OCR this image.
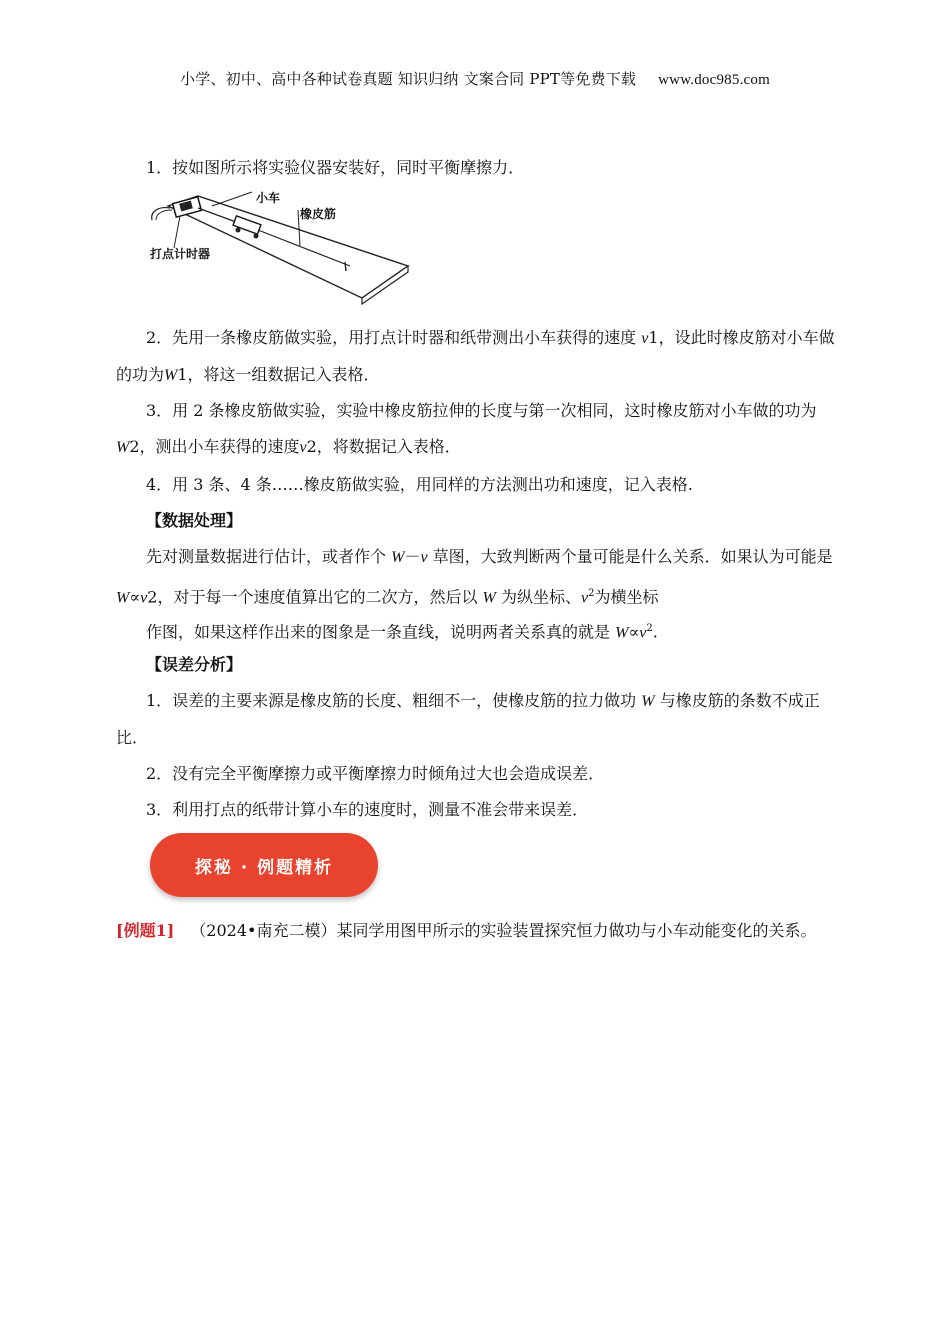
小学、初中、高中各种试卷真题 知识归纳 文案合同 PPT等免费下载 www.doc985.com

1．按如图所示将实验仪器安装好，同时平衡摩擦力．

小车
橡皮筋
打点计时器

2．先用一条橡皮筋做实验，用打点计时器和纸带测出小车获得的速度 v1，设此时橡皮筋对小车做的功为W1，将这一组数据记入表格．

3．用 2 条橡皮筋做实验，实验中橡皮筋拉伸的长度与第一次相同，这时橡皮筋对小车做的功为W2，测出小车获得的速度v2，将数据记入表格．

4．用 3 条、4 条……橡皮筋做实验，用同样的方法测出功和速度，记入表格.

【数据处理】

先对测量数据进行估计，或者作个 W－v 草图，大致判断两个量可能是什么关系．如果认为可能是W∝v2，对于每一个速度值算出它的二次方，然后以 W 为纵坐标、$v^2$为横坐标

作图，如果这样作出来的图象是一条直线，说明两者关系真的就是 $W\propto v^2$.

【误差分析】

1．误差的主要来源是橡皮筋的长度、粗细不一，使橡皮筋的拉力做功 W 与橡皮筋的条数不成正比．

2．没有完全平衡摩擦力或平衡摩擦力时倾角过大也会造成误差．

3．利用打点的纸带计算小车的速度时，测量不准会带来误差．

探秘 · 例题精析

[例题1] （2024•南充二模）某同学用图甲所示的实验装置探究恒力做功与小车动能变化的关系。
